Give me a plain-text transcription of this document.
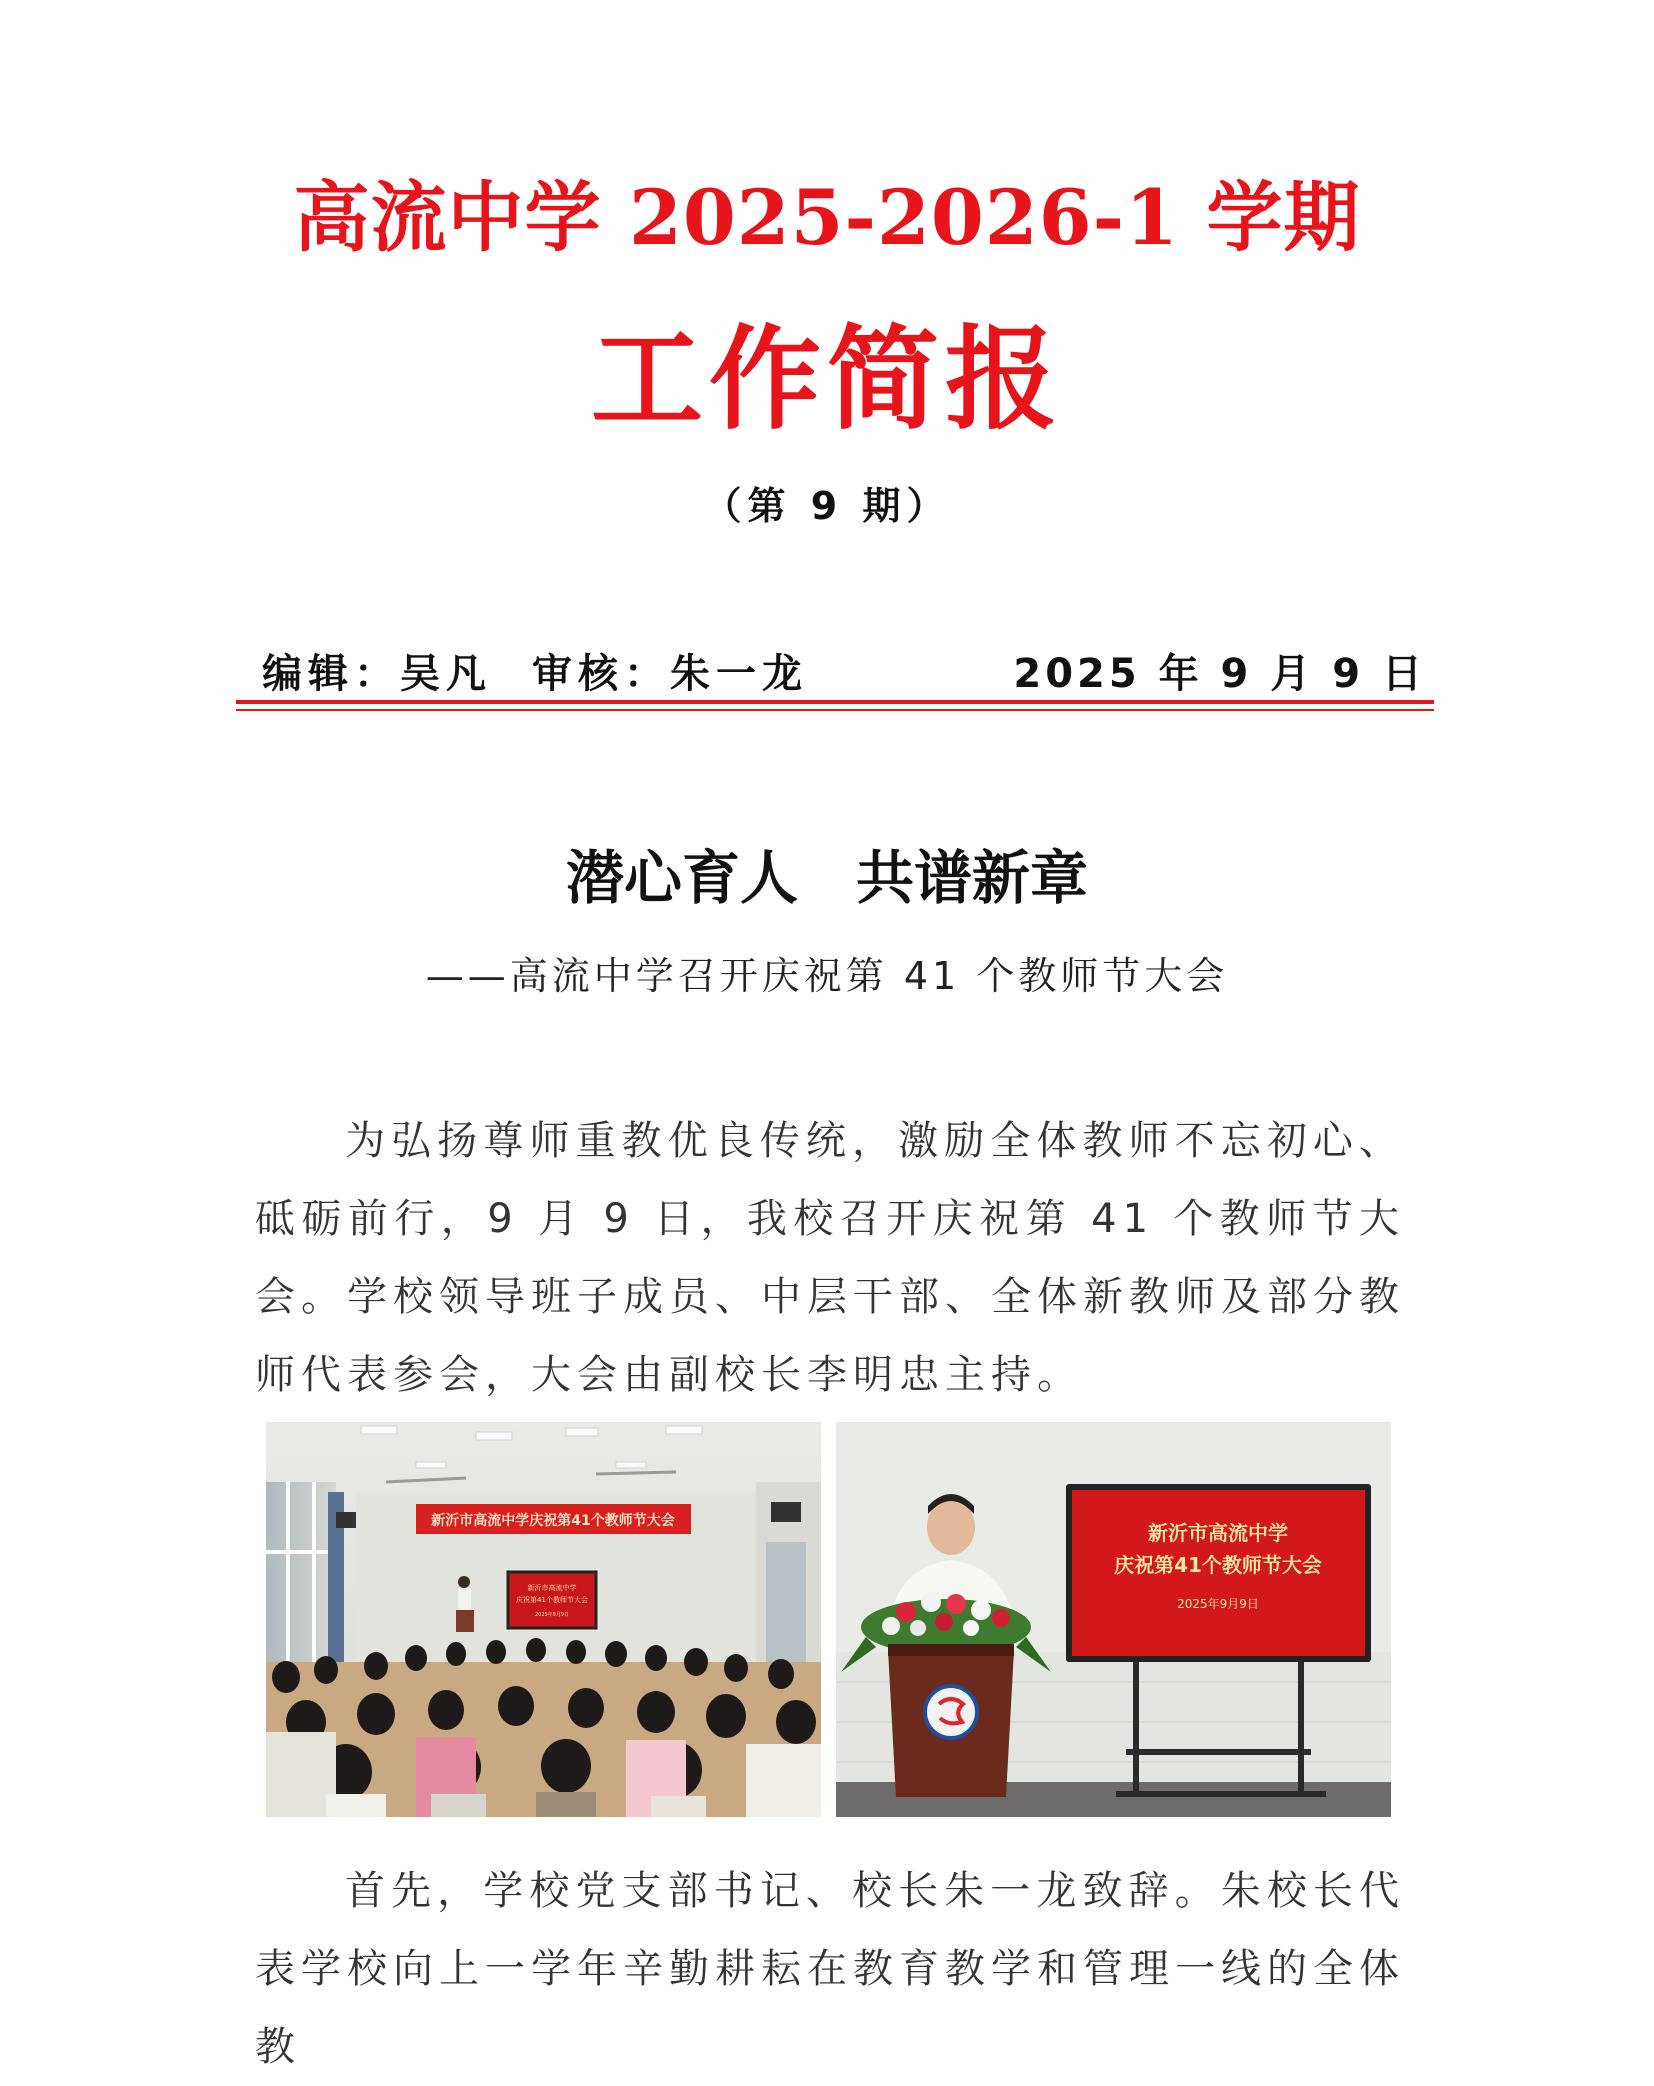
高流中学 2025-2026-1 学期
工作简报
（第 9 期）
编辑：吴凡 审核：朱一龙	2025 年 9 月 9 日
潜心育人　共谱新章
——高流中学召开庆祝第 41 个教师节大会
为弘扬尊师重教优良传统，激励全体教师不忘初心、砥砺前行，9 月 9 日，我校召开庆祝第 41 个教师节大会。学校领导班子成员、中层干部、全体新教师及部分教师代表参会，大会由副校长李明忠主持。
新沂市高流中学庆祝第41个教师节大会
新沂市高流中学
庆祝第41个教师节大会
2025年9月9日
新沂市高流中学
庆祝第41个教师节大会
2025年9月9日
首先，学校党支部书记、校长朱一龙致辞。朱校长代表学校向上一学年辛勤耕耘在教育教学和管理一线的全体教
